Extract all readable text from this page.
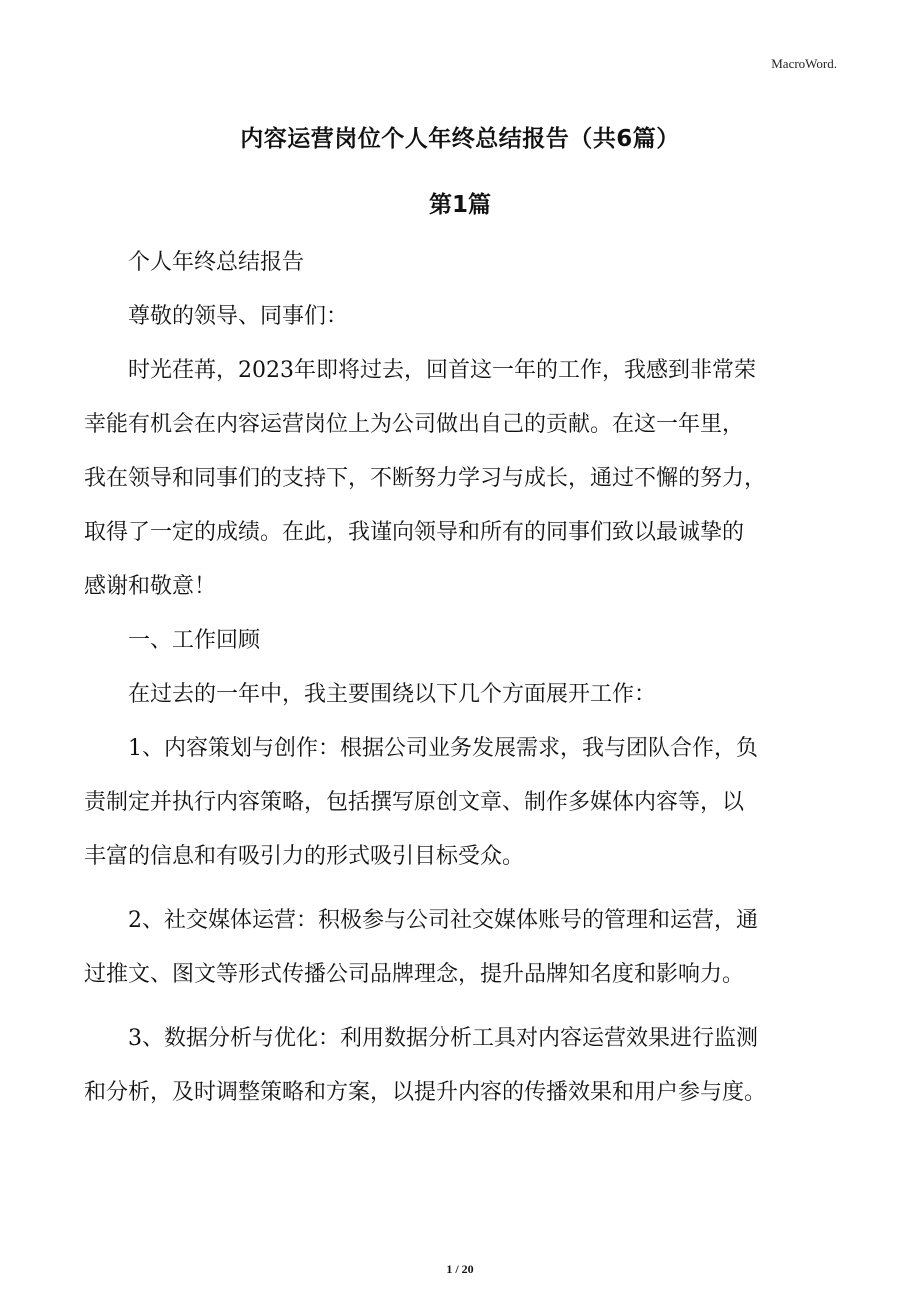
MacroWord.
内容运营岗位个人年终总结报告（共6篇）
第1篇

个人年终总结报告

尊敬的领导、同事们：

时光荏苒，2023年即将过去，回首这一年的工作，我感到非常荣
幸能有机会在内容运营岗位上为公司做出自己的贡献。在这一年里，
我在领导和同事们的支持下，不断努力学习与成长，通过不懈的努力，
取得了一定的成绩。在此，我谨向领导和所有的同事们致以最诚挚的
感谢和敬意！

一、工作回顾

在过去的一年中，我主要围绕以下几个方面展开工作：

1、内容策划与创作：根据公司业务发展需求，我与团队合作，负
责制定并执行内容策略，包括撰写原创文章、制作多媒体内容等，以
丰富的信息和有吸引力的形式吸引目标受众。
2、社交媒体运营：积极参与公司社交媒体账号的管理和运营，通
过推文、图文等形式传播公司品牌理念，提升品牌知名度和影响力。
3、数据分析与优化：利用数据分析工具对内容运营效果进行监测
和分析，及时调整策略和方案，以提升内容的传播效果和用户参与度。
1 / 20
